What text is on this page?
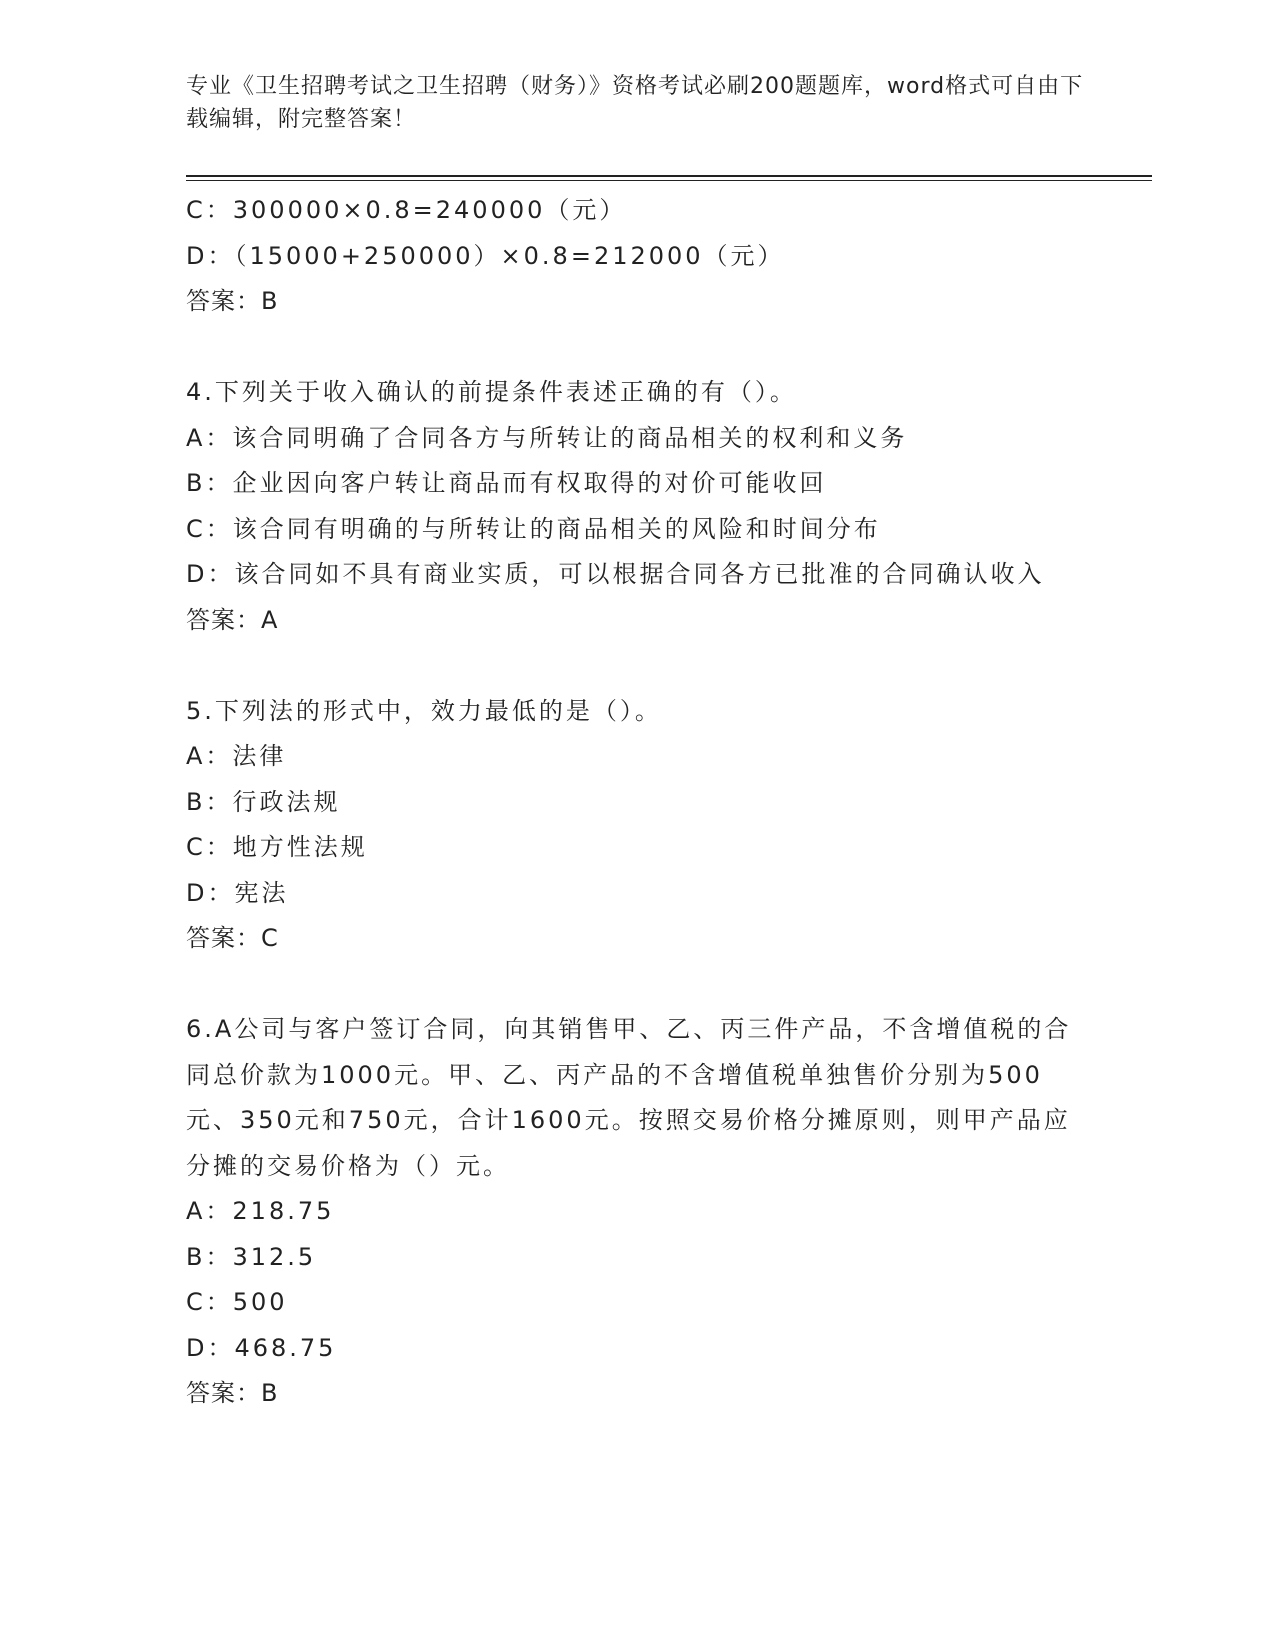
专业《卫生招聘考试之卫生招聘（财务）》资格考试必刷200题题库，word格式可自由下载编辑，附完整答案！

C：300000×0.8=240000（元）

D：（15000+250000）×0.8=212000（元）

答案：B

4.下列关于收入确认的前提条件表述正确的有（）。

A：该合同明确了合同各方与所转让的商品相关的权利和义务

B：企业因向客户转让商品而有权取得的对价可能收回

C：该合同有明确的与所转让的商品相关的风险和时间分布

D：该合同如不具有商业实质，可以根据合同各方已批准的合同确认收入

答案：A

5.下列法的形式中，效力最低的是（）。

A：法律

B：行政法规

C：地方性法规

D：宪法

答案：C

6.A公司与客户签订合同，向其销售甲、乙、丙三件产品，不含增值税的合同总价款为1000元。甲、乙、丙产品的不含增值税单独售价分别为500元、350元和750元，合计1600元。按照交易价格分摊原则，则甲产品应分摊的交易价格为（）元。

A：218.75

B：312.5

C：500

D：468.75

答案：B
